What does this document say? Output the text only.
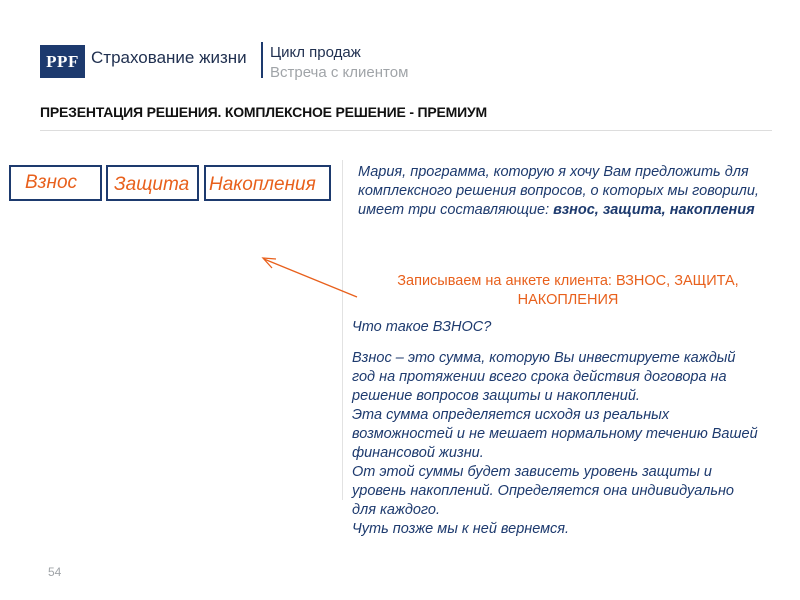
PPF Страхование жизни Цикл продаж
Встреча с клиентом
ПРЕЗЕНТАЦИЯ РЕШЕНИЯ. КОМПЛЕКСНОЕ РЕШЕНИЕ - ПРЕМИУМ
Взнос Защита Накопления
Мария, программа, которую я хочу Вам предложить для комплексного решения вопросов, о которых мы говорили, имеет три составляющие: взнос, защита, накопления
Записываем на анкете клиента: ВЗНОС, ЗАЩИТА,
НАКОПЛЕНИЯ
Что такое ВЗНОС?
Взнос – это сумма, которую Вы инвестируете каждый
год на протяжении всего срока действия договора на
решение вопросов защиты и накоплений.
Эта сумма определяется исходя из реальных
возможностей и не мешает нормальному течению Вашей
финансовой жизни.
От этой суммы будет зависеть уровень защиты и
уровень накоплений. Определяется она индивидуально
для каждого.
Чуть позже мы к ней вернемся.
54
